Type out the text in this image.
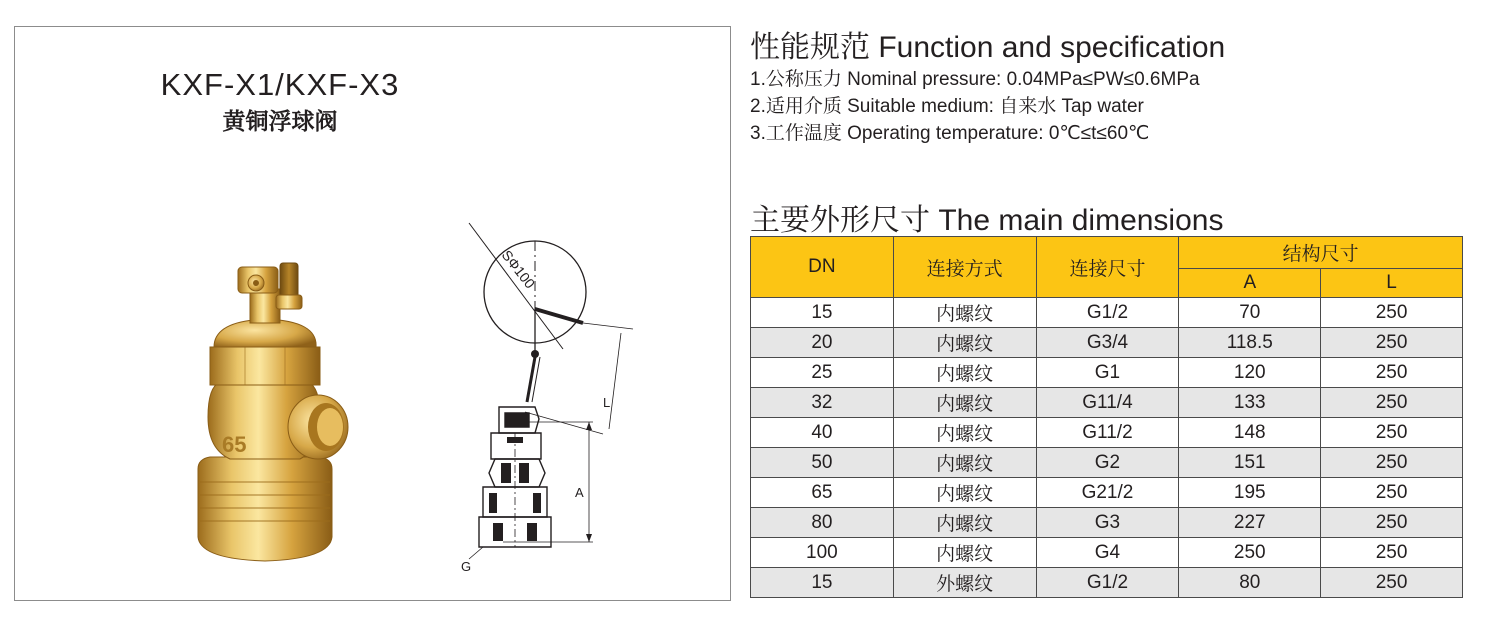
KXF-X1/KXF-X3
黄铜浮球阀
65
SΦ100
L
A
G
性能规范 Function and specification
1.公称压力 Nominal pressure: 0.04MPa≤PW≤0.6MPa
2.适用介质 Suitable medium: 自来水 Tap water
3.工作温度 Operating temperature: 0℃≤t≤60℃
主要外形尺寸 The main dimensions
DN	连接方式	连接尺寸	结构尺寸	
			A	L
15	内螺纹	G1/2	70	250
20	内螺纹	G3/4	118.5	250
25	内螺纹	G1	120	250
32	内螺纹	G11/4	133	250
40	内螺纹	G11/2	148	250
50	内螺纹	G2	151	250
65	内螺纹	G21/2	195	250
80	内螺纹	G3	227	250
100	内螺纹	G4	250	250
15	外螺纹	G1/2	80	250
